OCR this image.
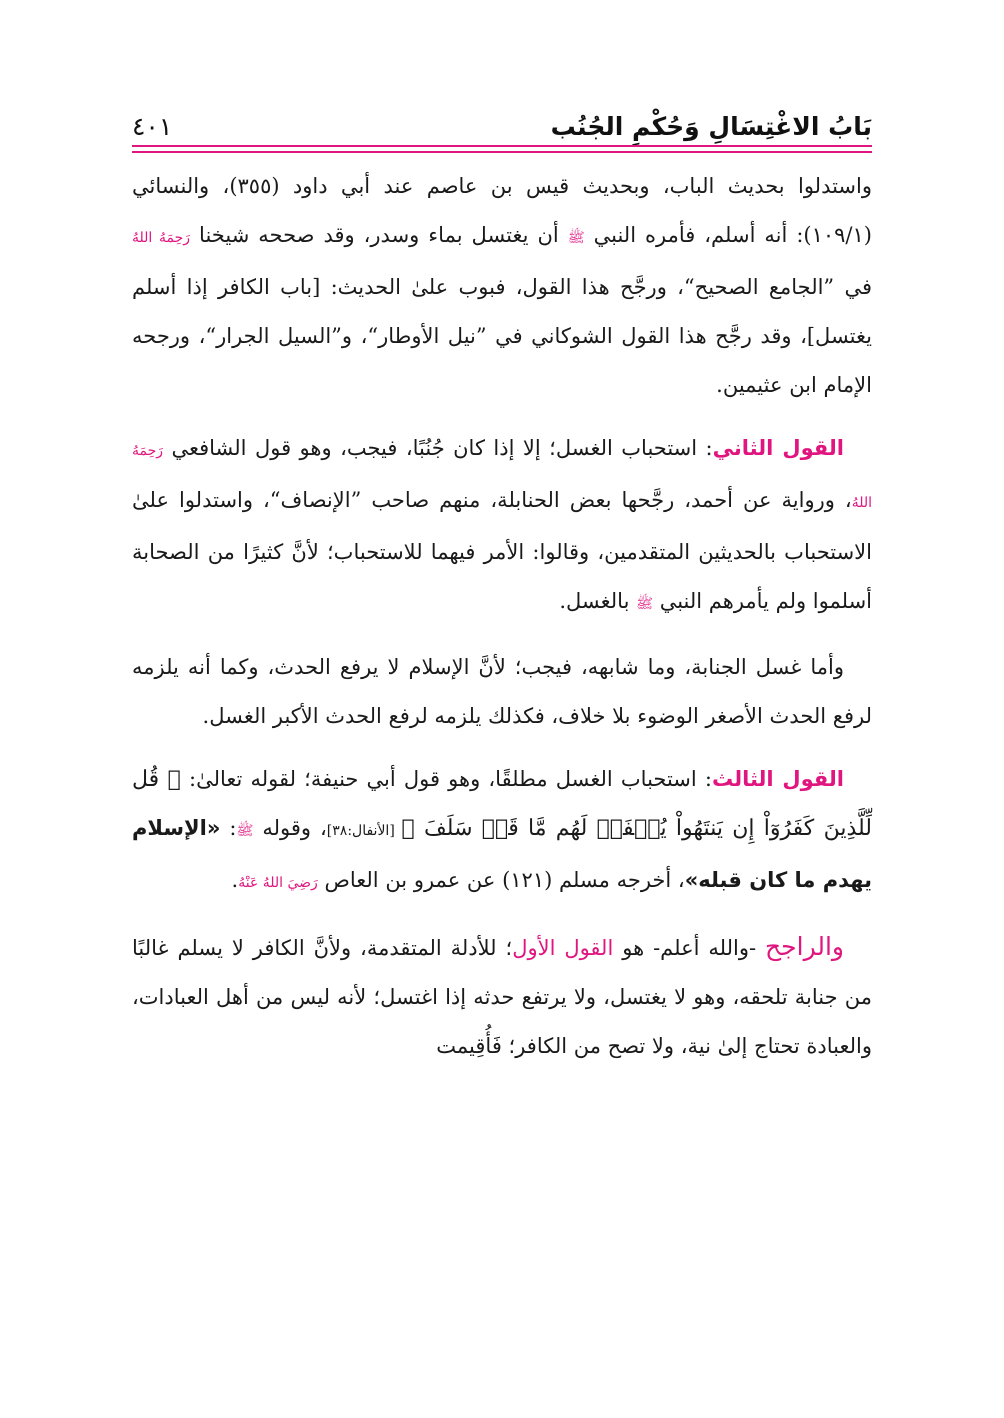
بَابُ الاغْتِسَالِ وَحُكْمِ الجُنُب
٤٠١

واستدلوا بحديث الباب، وبحديث قيس بن عاصم عند أبي داود (٣٥٥)، والنسائي (١٠٩/١): أنه أسلم، فأمره النبي ﷺ أن يغتسل بماء وسدر، وقد صححه شيخنا رَحِمَهُ اللهُ في ”الجامع الصحيح“، ورجَّح هذا القول، فبوب علىٰ الحديث: [باب الكافر إذا أسلم يغتسل]، وقد رجَّح هذا القول الشوكاني في ”نيل الأوطار“، و”السيل الجرار“، ورجحه الإمام ابن عثيمين.

القول الثاني: استحباب الغسل؛ إلا إذا كان جُنُبًا، فيجب، وهو قول الشافعي رَحِمَهُ اللهُ، ورواية عن أحمد، رجَّحها بعض الحنابلة، منهم صاحب ”الإنصاف“، واستدلوا علىٰ الاستحباب بالحديثين المتقدمين، وقالوا: الأمر فيهما للاستحباب؛ لأنَّ كثيرًا من الصحابة أسلموا ولم يأمرهم النبي ﷺ بالغسل.

وأما غسل الجنابة، وما شابهه، فيجب؛ لأنَّ الإسلام لا يرفع الحدث، وكما أنه يلزمه لرفع الحدث الأصغر الوضوء بلا خلاف، فكذلك يلزمه لرفع الحدث الأكبر الغسل.

القول الثالث: استحباب الغسل مطلقًا، وهو قول أبي حنيفة؛ لقوله تعالىٰ: ﴿ قُل لِّلَّذِينَ كَفَرُوٓاْ إِن يَنتَهُواْ يُغۡفَرۡ لَهُم مَّا قَدۡ سَلَفَ ﴾ [الأنفال:٣٨]، وقوله ﷺ: «الإسلام يهدم ما كان قبله»، أخرجه مسلم (١٢١) عن عمرو بن العاص رَضِيَ اللهُ عَنْهُ.

والراجح -والله أعلم- هو القول الأول؛ للأدلة المتقدمة، ولأنَّ الكافر لا يسلم غالبًا من جنابة تلحقه، وهو لا يغتسل، ولا يرتفع حدثه إذا اغتسل؛ لأنه ليس من أهل العبادات، والعبادة تحتاج إلىٰ نية، ولا تصح من الكافر؛ فَأُقِيمت
